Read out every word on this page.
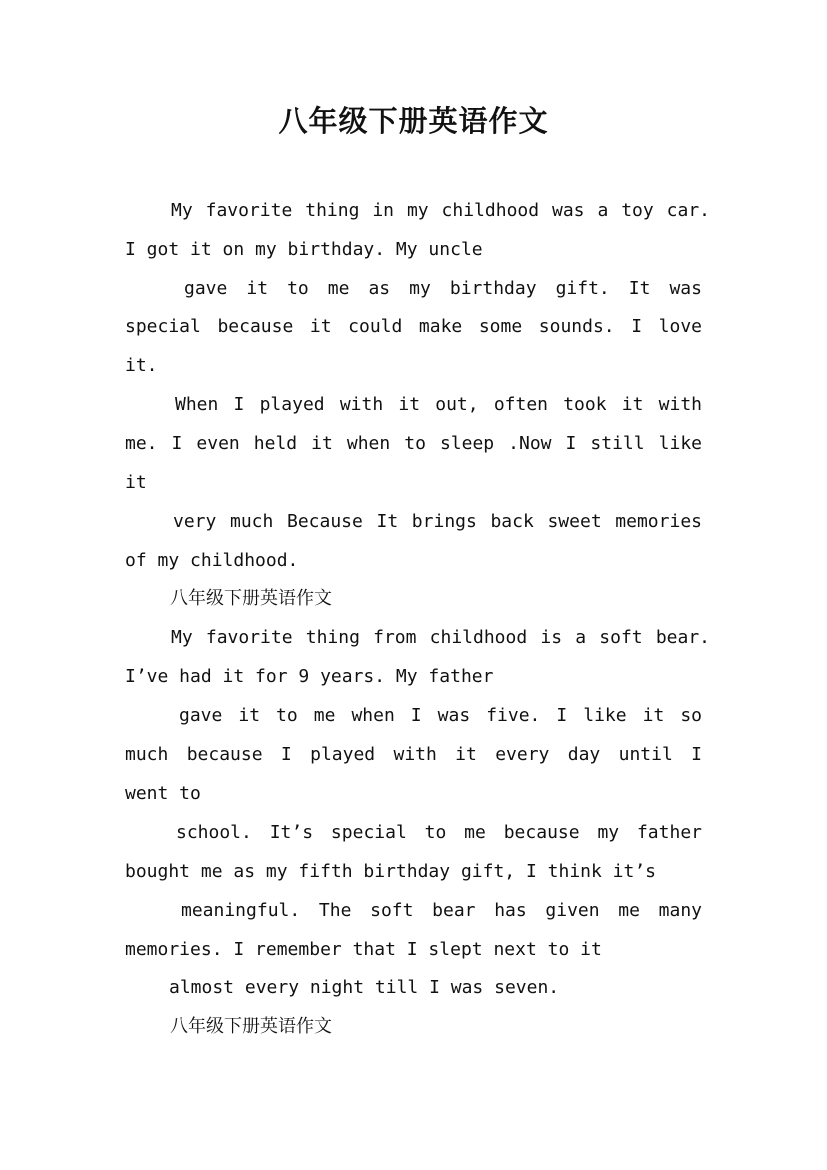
八年级下册英语作文
My favorite thing in my childhood was a toy car.
I got it on my birthday. My uncle
gave it to me as my birthday gift. It was
special because it could make some sounds. I love
it.
When I played with it out, often took it with
me. I even held it when to sleep .Now I still like
it
very much Because It brings back sweet memories
of my childhood.
八年级下册英语作文
My favorite thing from childhood is a soft bear.
I’ve had it for 9 years. My father
gave it to me when I was five. I like it so
much because I played with it every day until I
went to
school. It’s special to me because my father
bought me as my fifth birthday gift, I think it’s
meaningful. The soft bear has given me many
memories. I remember that I slept next to it
almost every night till I was seven.
八年级下册英语作文
